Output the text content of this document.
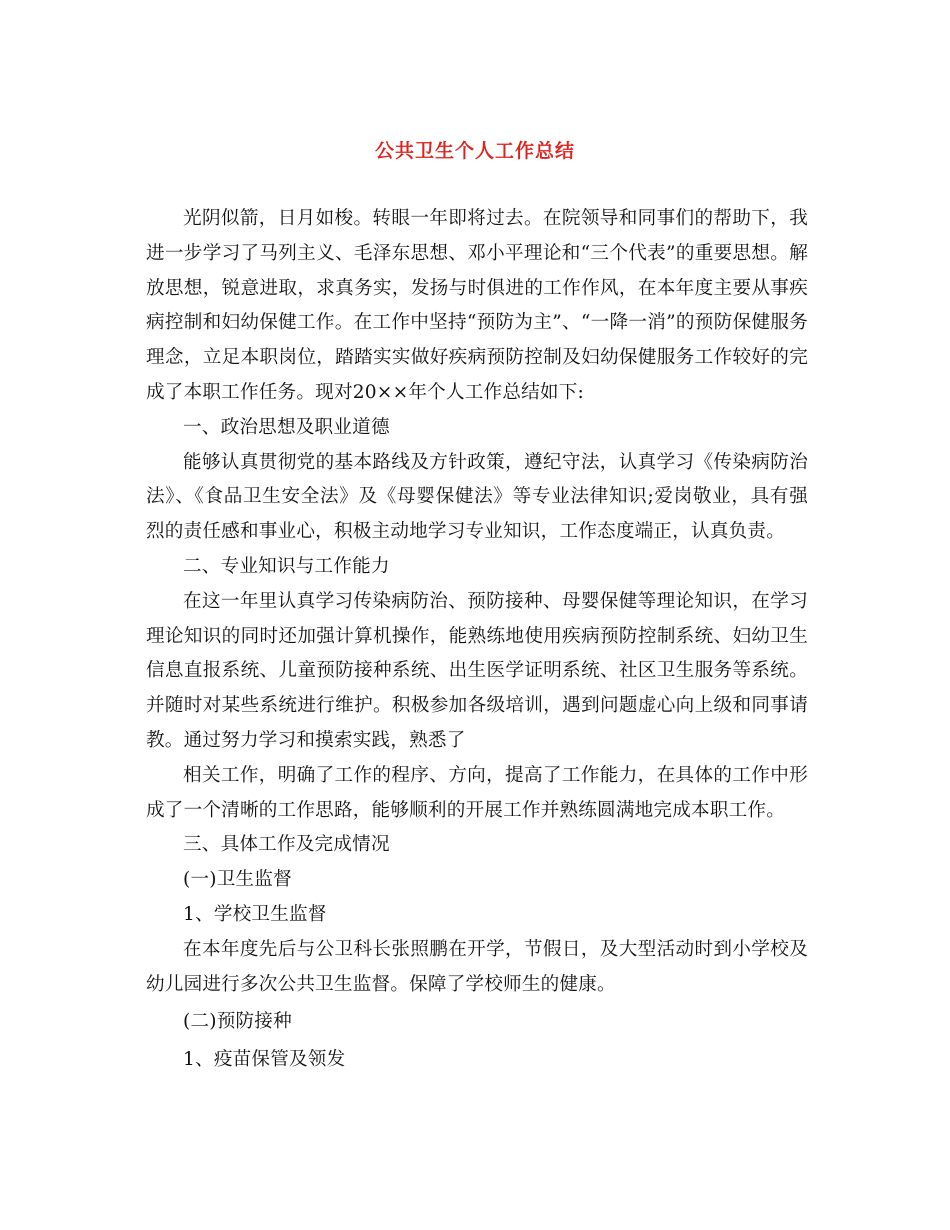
公共卫生个人工作总结

光阴似箭，日月如梭。转眼一年即将过去。在院领导和同事们的帮助下，我进一步学习了马列主义、毛泽东思想、邓小平理论和“三个代表”的重要思想。解放思想，锐意进取，求真务实，发扬与时俱进的工作作风，在本年度主要从事疾病控制和妇幼保健工作。在工作中坚持“预防为主”、“一降一消”的预防保健服务理念，立足本职岗位，踏踏实实做好疾病预防控制及妇幼保健服务工作较好的完成了本职工作任务。现对20××年个人工作总结如下:

一、政治思想及职业道德

能够认真贯彻党的基本路线及方针政策，遵纪守法，认真学习《传染病防治法》、《食品卫生安全法》及《母婴保健法》等专业法律知识;爱岗敬业，具有强烈的责任感和事业心，积极主动地学习专业知识，工作态度端正，认真负责。

二、专业知识与工作能力

在这一年里认真学习传染病防治、预防接种、母婴保健等理论知识，在学习理论知识的同时还加强计算机操作，能熟练地使用疾病预防控制系统、妇幼卫生信息直报系统、儿童预防接种系统、出生医学证明系统、社区卫生服务等系统。并随时对某些系统进行维护。积极参加各级培训，遇到问题虚心向上级和同事请教。通过努力学习和摸索实践，熟悉了

相关工作，明确了工作的程序、方向，提高了工作能力，在具体的工作中形成了一个清晰的工作思路，能够顺利的开展工作并熟练圆满地完成本职工作。

三、具体工作及完成情况

(一)卫生监督

1、学校卫生监督

在本年度先后与公卫科长张照鹏在开学，节假日，及大型活动时到小学校及幼儿园进行多次公共卫生监督。保障了学校师生的健康。

(二)预防接种

1、疫苗保管及领发
